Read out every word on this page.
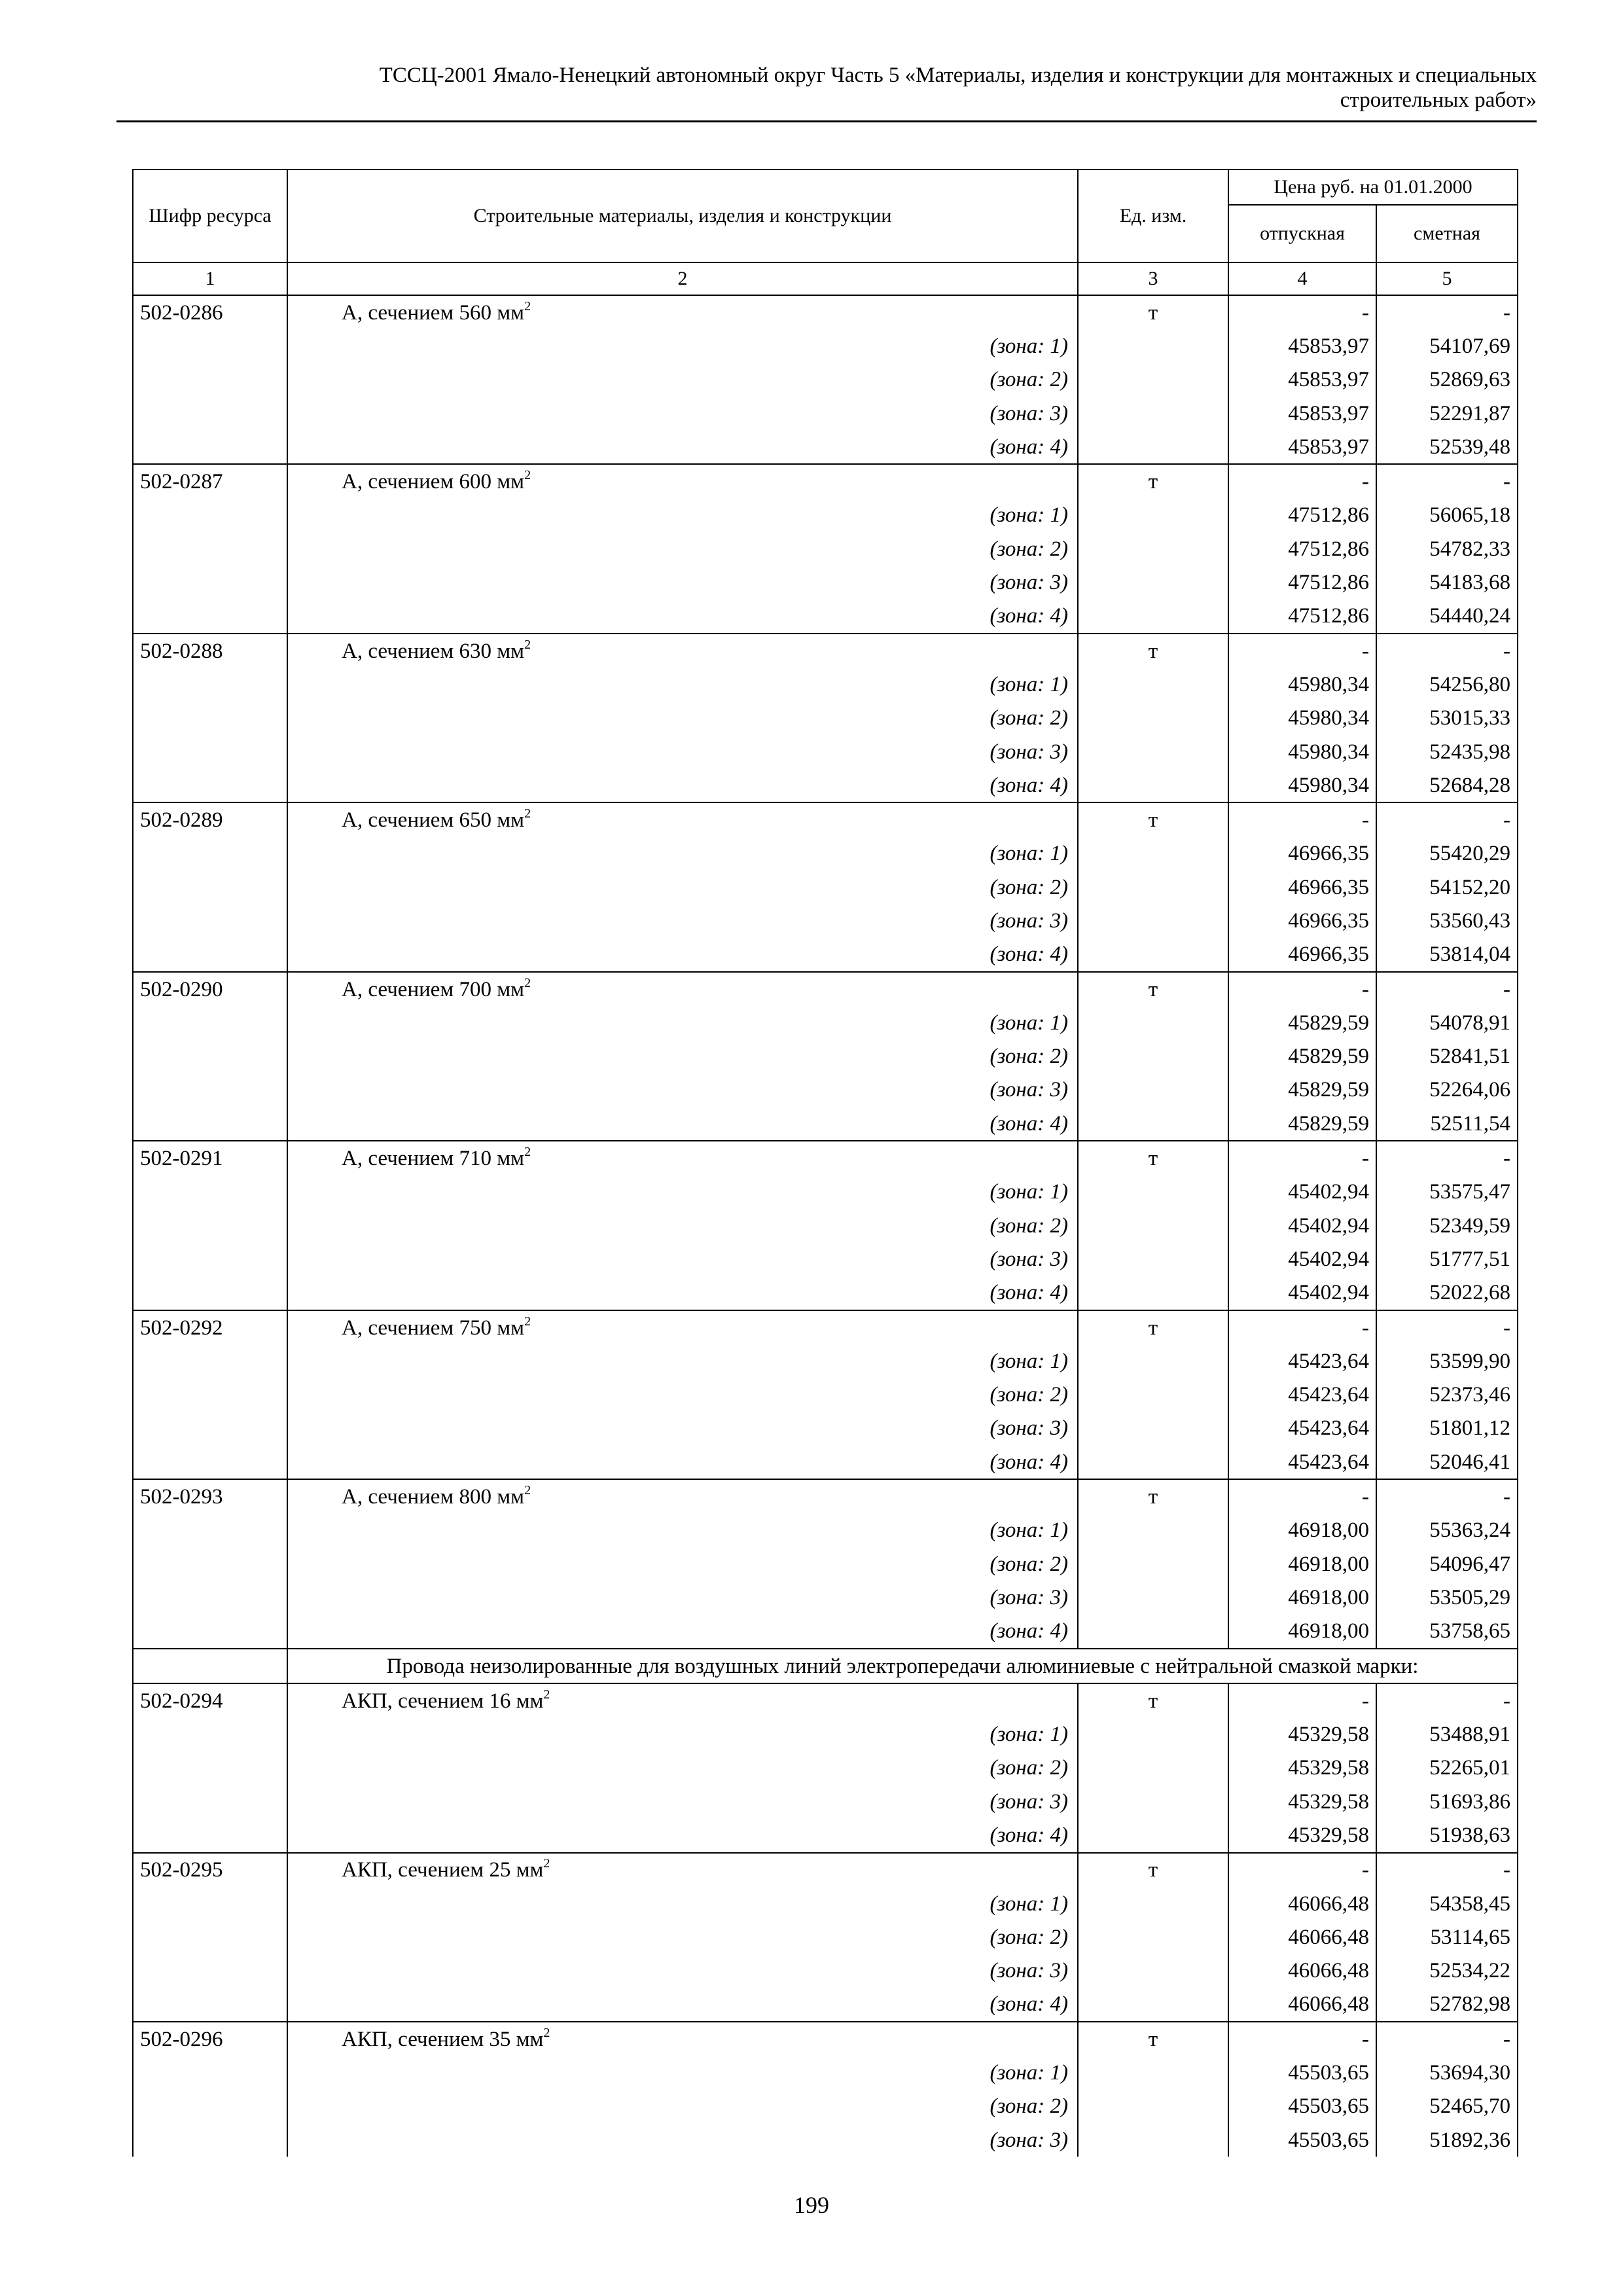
ТССЦ-2001 Ямало-Ненецкий автономный округ Часть 5 «Материалы, изделия и конструкции для монтажных и специальных
строительных работ»
Шифр ресурса	Строительные материалы, изделия и конструкции	Ед. изм.	Цена руб. на 01.01.2000	
			отпускная	сметная
1	2	3	4	5
502-0286	А, сечением 560 $мм^2$	т	-	-
	(зона: 1)		45853,97	54107,69
	(зона: 2)		45853,97	52869,63
	(зона: 3)		45853,97	52291,87
	(зона: 4)		45853,97	52539,48
502-0287	А, сечением 600 $мм^2$	т	-	-
	(зона: 1)		47512,86	56065,18
	(зона: 2)		47512,86	54782,33
	(зона: 3)		47512,86	54183,68
	(зона: 4)		47512,86	54440,24
502-0288	А, сечением 630 $мм^2$	т	-	-
	(зона: 1)		45980,34	54256,80
	(зона: 2)		45980,34	53015,33
	(зона: 3)		45980,34	52435,98
	(зона: 4)		45980,34	52684,28
502-0289	А, сечением 650 $мм^2$	т	-	-
	(зона: 1)		46966,35	55420,29
	(зона: 2)		46966,35	54152,20
	(зона: 3)		46966,35	53560,43
	(зона: 4)		46966,35	53814,04
502-0290	А, сечением 700 $мм^2$	т	-	-
	(зона: 1)		45829,59	54078,91
	(зона: 2)		45829,59	52841,51
	(зона: 3)		45829,59	52264,06
	(зона: 4)		45829,59	52511,54
502-0291	А, сечением 710 $мм^2$	т	-	-
	(зона: 1)		45402,94	53575,47
	(зона: 2)		45402,94	52349,59
	(зона: 3)		45402,94	51777,51
	(зона: 4)		45402,94	52022,68
502-0292	А, сечением 750 $мм^2$	т	-	-
	(зона: 1)		45423,64	53599,90
	(зона: 2)		45423,64	52373,46
	(зона: 3)		45423,64	51801,12
	(зона: 4)		45423,64	52046,41
502-0293	А, сечением 800 $мм^2$	т	-	-
	(зона: 1)		46918,00	55363,24
	(зона: 2)		46918,00	54096,47
	(зона: 3)		46918,00	53505,29
	(зона: 4)		46918,00	53758,65
	Провода неизолированные для воздушных линий электропередачи алюминиевые с нейтральной смазкой марки:			
502-0294	АКП, сечением 16 $мм^2$	т	-	-
	(зона: 1)		45329,58	53488,91
	(зона: 2)		45329,58	52265,01
	(зона: 3)		45329,58	51693,86
	(зона: 4)		45329,58	51938,63
502-0295	АКП, сечением 25 $мм^2$	т	-	-
	(зона: 1)		46066,48	54358,45
	(зона: 2)		46066,48	53114,65
	(зона: 3)		46066,48	52534,22
	(зона: 4)		46066,48	52782,98
502-0296	АКП, сечением 35 $мм^2$	т	-	-
	(зона: 1)		45503,65	53694,30
	(зона: 2)		45503,65	52465,70
	(зона: 3)		45503,65	51892,36
199
